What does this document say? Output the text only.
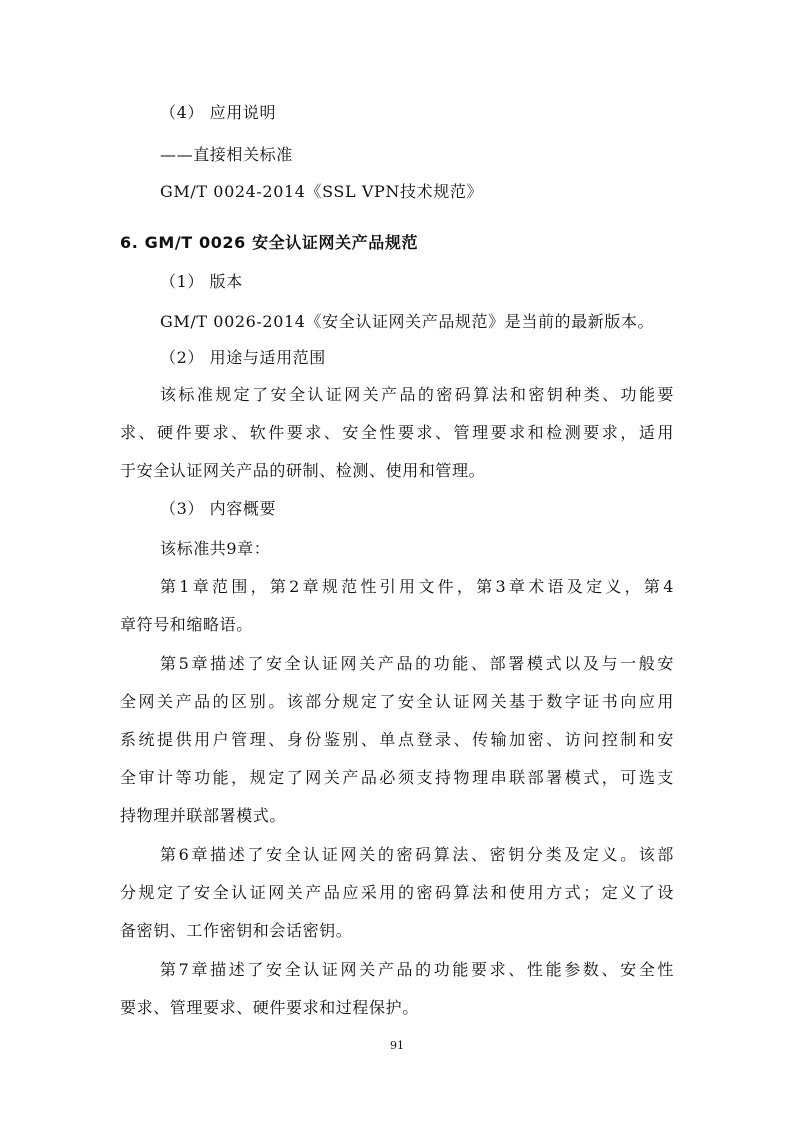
（4） 应用说明
——直接相关标准
GM/T 0024-2014《SSL VPN技术规范》
6. GM/T 0026 安全认证网关产品规范
（1） 版本
GM/T 0026-2014《安全认证网关产品规范》是当前的最新版本。
（2） 用途与适用范围
该标准规定了安全认证网关产品的密码算法和密钥种类、功能要
求、硬件要求、软件要求、安全性要求、管理要求和检测要求，适用
于安全认证网关产品的研制、检测、使用和管理。
（3） 内容概要
该标准共9章：
第1章范围，第2章规范性引用文件，第3章术语及定义，第4
章符号和缩略语。
第5章描述了安全认证网关产品的功能、部署模式以及与一般安
全网关产品的区别。该部分规定了安全认证网关基于数字证书向应用
系统提供用户管理、身份鉴别、单点登录、传输加密、访问控制和安
全审计等功能，规定了网关产品必须支持物理串联部署模式，可选支
持物理并联部署模式。
第6章描述了安全认证网关的密码算法、密钥分类及定义。该部
分规定了安全认证网关产品应采用的密码算法和使用方式；定义了设
备密钥、工作密钥和会话密钥。
第7章描述了安全认证网关产品的功能要求、性能参数、安全性
要求、管理要求、硬件要求和过程保护。
91
